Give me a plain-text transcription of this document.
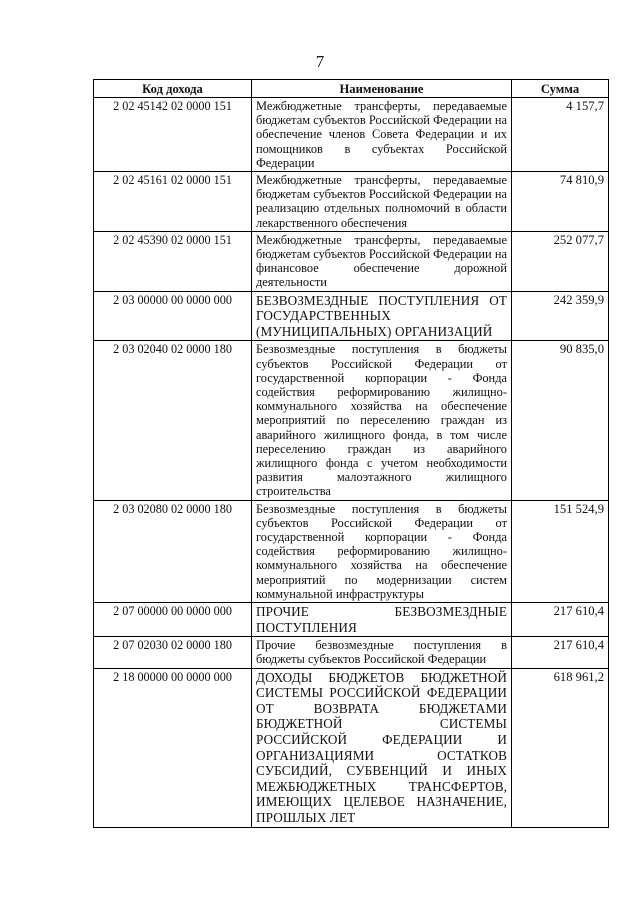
7
Код дохода	Наименование	Сумма
2 02 45142 02 0000 151	Межбюджетные трансферты, передаваемые бюджетам субъектов Российской Федерации на обеспечение членов Совета Федерации и их помощников в субъектах Российской Федерации	4 157,7
2 02 45161 02 0000 151	Межбюджетные трансферты, передаваемые бюджетам субъектов Российской Федерации на реализацию отдельных полномочий в области лекарственного обеспечения	74 810,9
2 02 45390 02 0000 151	Межбюджетные трансферты, передаваемые бюджетам субъектов Российской Федерации на финансовое обеспечение дорожной деятельности	252 077,7
2 03 00000 00 0000 000	БЕЗВОЗМЕЗДНЫЕ ПОСТУПЛЕНИЯ ОТ ГОСУДАРСТВЕННЫХ (МУНИЦИПАЛЬНЫХ) ОРГАНИЗАЦИЙ	242 359,9
2 03 02040 02 0000 180	Безвозмездные поступления в бюджеты субъектов Российской Федерации от государственной корпорации - Фонда содействия реформированию жилищно-коммунального хозяйства на обеспечение мероприятий по переселению граждан из аварийного жилищного фонда, в том числе переселению граждан из аварийного жилищного фонда с учетом необходимости развития малоэтажного жилищного строительства	90 835,0
2 03 02080 02 0000 180	Безвозмездные поступления в бюджеты субъектов Российской Федерации от государственной корпорации - Фонда содействия реформированию жилищно-коммунального хозяйства на обеспечение мероприятий по модернизации систем коммунальной инфраструктуры	151 524,9
2 07 00000 00 0000 000	ПРОЧИЕ БЕЗВОЗМЕЗДНЫЕ ПОСТУПЛЕНИЯ	217 610,4
2 07 02030 02 0000 180	Прочие безвозмездные поступления в бюджеты субъектов Российской Федерации	217 610,4
2 18 00000 00 0000 000	ДОХОДЫ БЮДЖЕТОВ БЮДЖЕТНОЙ СИСТЕМЫ РОССИЙСКОЙ ФЕДЕРАЦИИ ОТ ВОЗВРАТА БЮДЖЕТАМИ БЮДЖЕТНОЙ СИСТЕМЫ РОССИЙСКОЙ ФЕДЕРАЦИИ И ОРГАНИЗАЦИЯМИ ОСТАТКОВ СУБСИДИЙ, СУБВЕНЦИЙ И ИНЫХ МЕЖБЮДЖЕТНЫХ ТРАНСФЕРТОВ, ИМЕЮЩИХ ЦЕЛЕВОЕ НАЗНАЧЕНИЕ, ПРОШЛЫХ ЛЕТ	618 961,2
